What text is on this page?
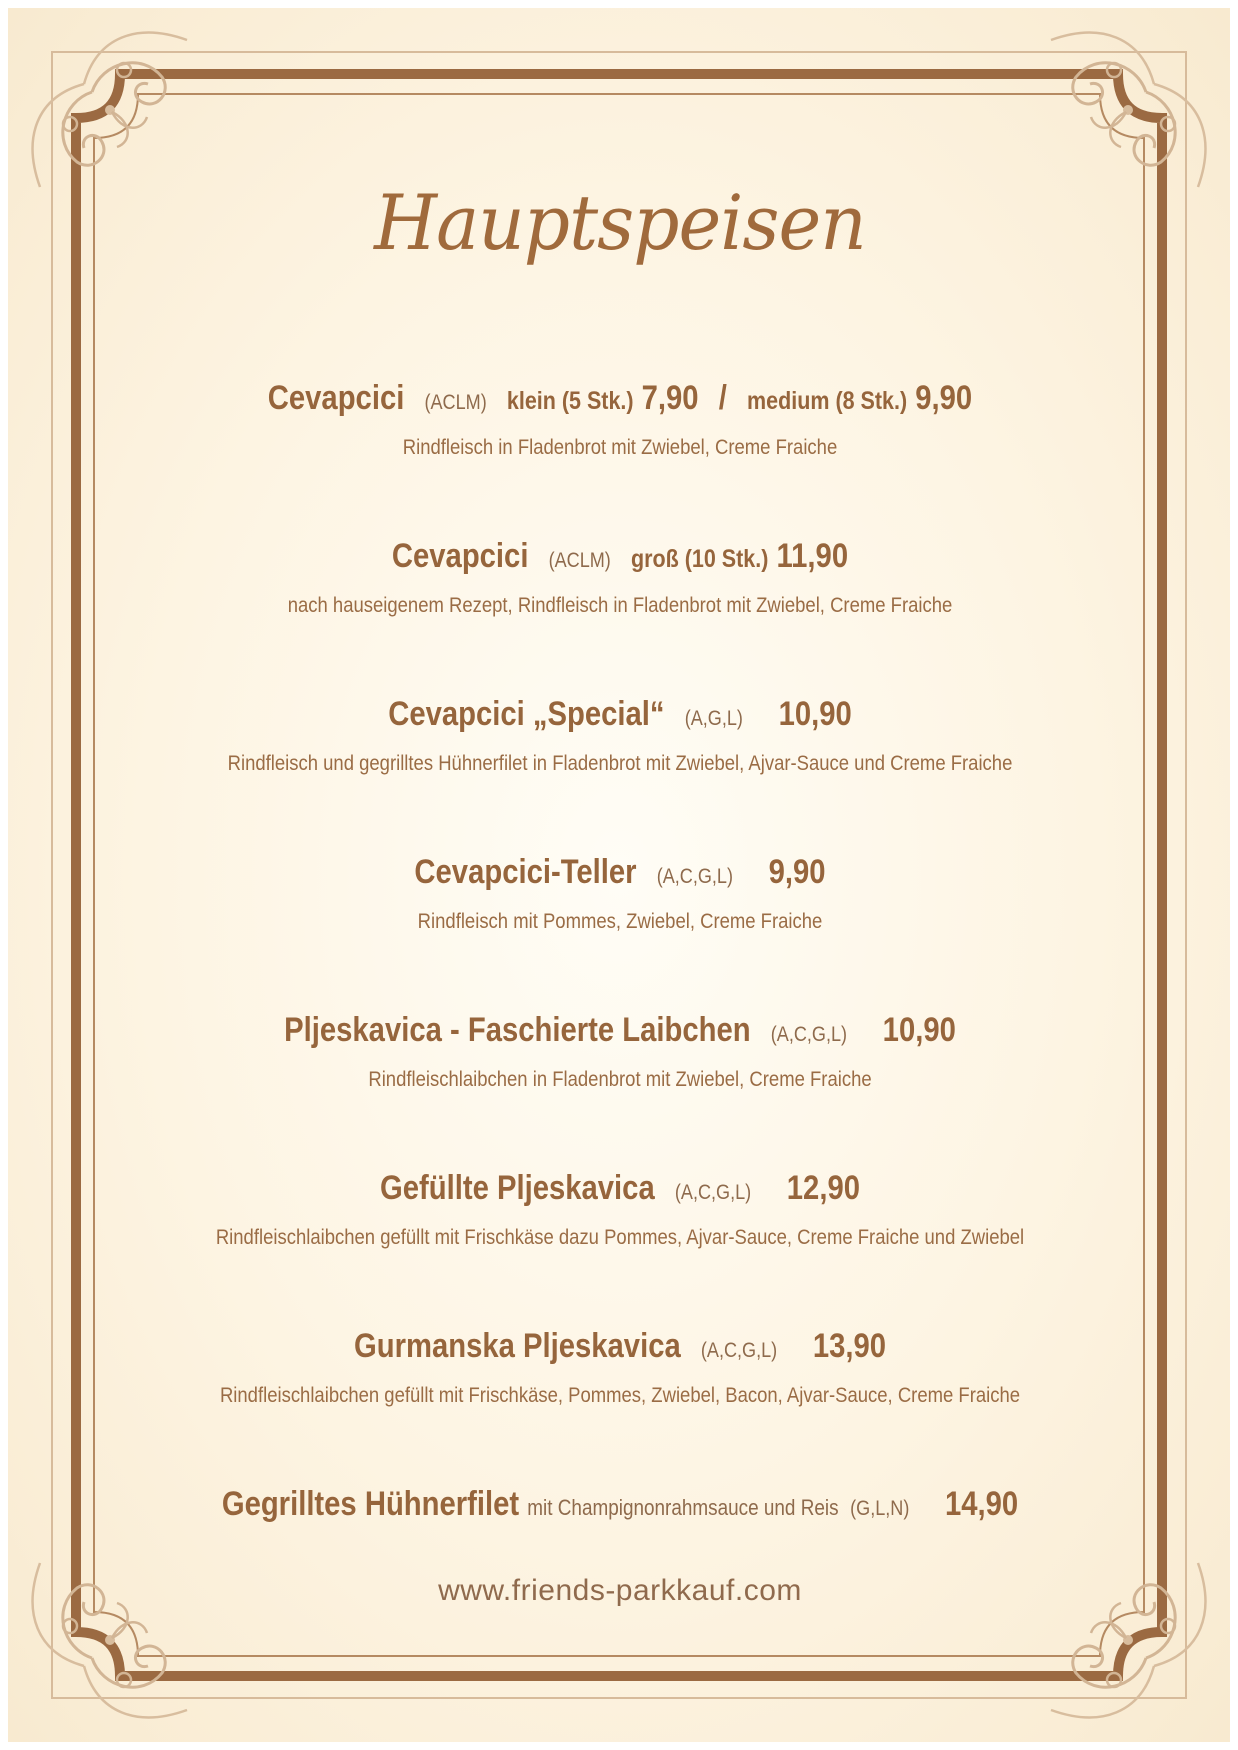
Hauptspeisen
Cevapcici (ACLM) klein (5 Stk.) 7,90 / medium (8 Stk.) 9,90
Rindfleisch in Fladenbrot mit Zwiebel, Creme Fraiche
Cevapcici (ACLM) groß (10 Stk.) 11,90
nach hauseigenem Rezept, Rindfleisch in Fladenbrot mit Zwiebel, Creme Fraiche
Cevapcici „Special“ (A,G,L) 10,90
Rindfleisch und gegrilltes Hühnerfilet in Fladenbrot mit Zwiebel, Ajvar-Sauce und Creme Fraiche
Cevapcici-Teller (A,C,G,L) 9,90
Rindfleisch mit Pommes, Zwiebel, Creme Fraiche
Pljeskavica - Faschierte Laibchen (A,C,G,L) 10,90
Rindfleischlaibchen in Fladenbrot mit Zwiebel, Creme Fraiche
Gefüllte Pljeskavica (A,C,G,L) 12,90
Rindfleischlaibchen gefüllt mit Frischkäse dazu Pommes, Ajvar-Sauce, Creme Fraiche und Zwiebel
Gurmanska Pljeskavica (A,C,G,L) 13,90
Rindfleischlaibchen gefüllt mit Frischkäse, Pommes, Zwiebel, Bacon, Ajvar-Sauce, Creme Fraiche
Gegrilltes Hühnerfilet mit Champignonrahmsauce und Reis (G,L,N) 14,90
www.friends-parkkauf.com
